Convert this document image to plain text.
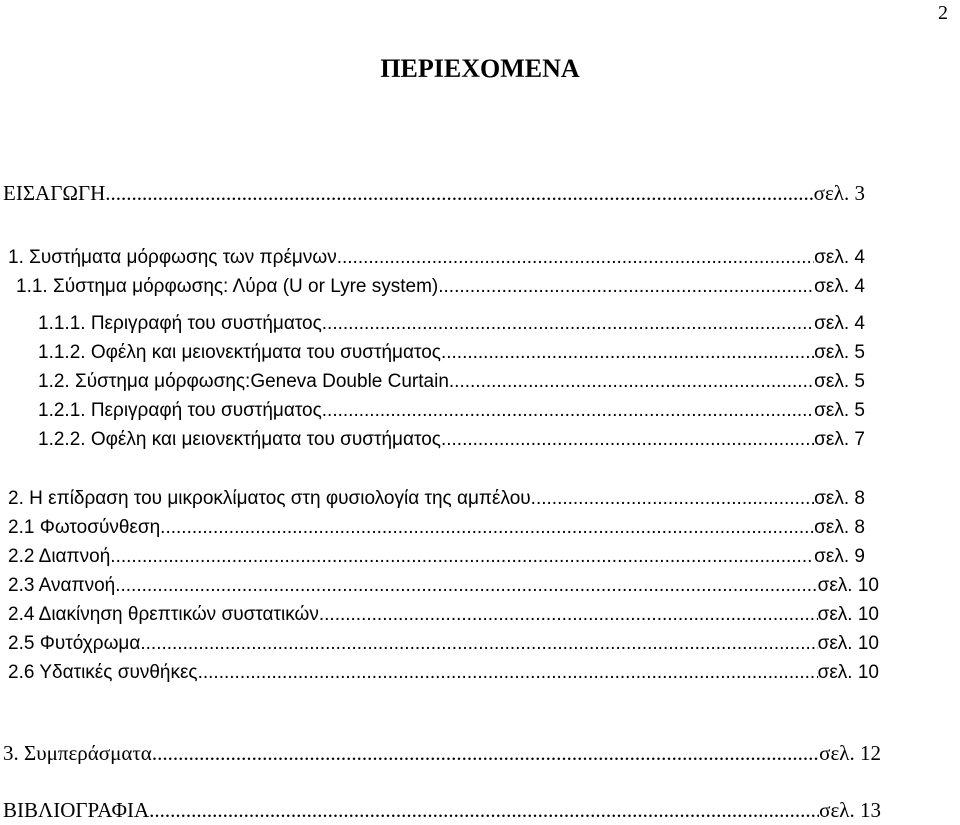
2
ΠΕΡΙΕΧΟΜΕΝΑ
ΕΙΣΑΓΩΓΗ .....	σελ. 3
1. Συστήματα μόρφωσης των πρέμνων .....	σελ. 4
1.1. Σύστημα μόρφωσης: Λύρα (U or Lyre system) .....	σελ. 4
1.1.1. Περιγραφή του συστήματος .....	σελ. 4
1.1.2. Οφέλη και μειονεκτήματα του συστήματος .....	σελ. 5
1.2. Σύστημα μόρφωσης:Geneva Double Curtain .....	σελ. 5
1.2.1. Περιγραφή του συστήματος .....	σελ. 5
1.2.2. Οφέλη και μειονεκτήματα του συστήματος .....	σελ. 7
2. Η επίδραση του μικροκλίματος στη φυσιολογία της αμπέλου .....	σελ. 8
2.1 Φωτοσύνθεση .....	σελ. 8
2.2 Διαπνοή .....	σελ. 9
2.3 Αναπνοή .....	σελ. 10
2.4 Διακίνηση θρεπτικών συστατικών .....	σελ. 10
2.5 Φυτόχρωμα .....	σελ. 10
2.6 Υδατικές συνθήκες .....	σελ. 10
3. Συμπεράσματα .....	σελ. 12
ΒΙΒΛΙΟΓΡΑΦΙΑ .....	σελ. 13
